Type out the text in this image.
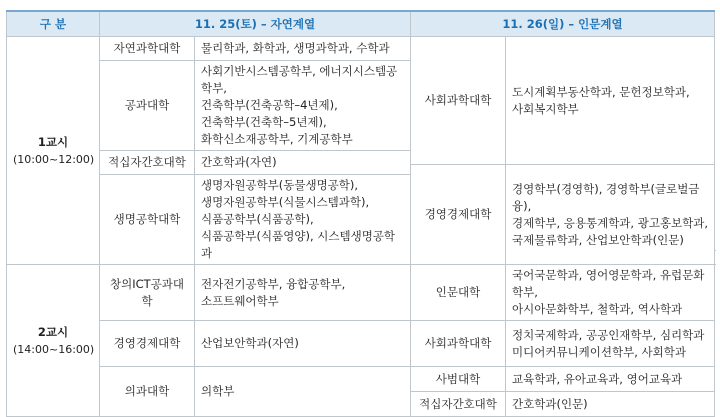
구 분	11. 25(토) – 자연계열		11. 26(일) – 인문계열		

1교시
(10:00~12:00)	자연과학대학	물리학과, 화학과, 생명과학과, 수학과	사회과학대학	도시계획부동산학과, 문헌정보학과,
사회복지학부	

	공과대학	사회기반시스템공학부, 에너지시스템공학부,
건축학부(건축공학–4년제),
건축학부(건축학–5년제),
화학신소재공학부, 기계공학부			

	적십자간호대학	간호학과(자연)			

			경영경제대학	경영학부(경영학), 경영학부(글로벌금융),
경제학부, 응용통계학과, 광고홍보학과,
국제물류학과, 산업보안학과(인문)	

	생명공학대학	생명자원공학부(동물생명공학),
생명자원공학부(식물시스템과학),
식품공학부(식품공학),
식품공학부(식품영양), 시스템생명공학과			

2교시
(14:00~16:00)	창의ICT공과대학	전자전기공학부, 융합공학부,
소프트웨어학부	인문대학	국어국문학과, 영어영문학과, 유럽문화학부,
아시아문화학부, 철학과, 역사학과	

	경영경제대학	산업보안학과(자연)	사회과학대학	정치국제학과, 공공인재학부, 심리학과
미디어커뮤니케이션학부, 사회학과	

	의과대학	의학부	사범대학	교육학과, 유아교육과, 영어교육과	

			적십자간호대학	간호학과(인문)	
